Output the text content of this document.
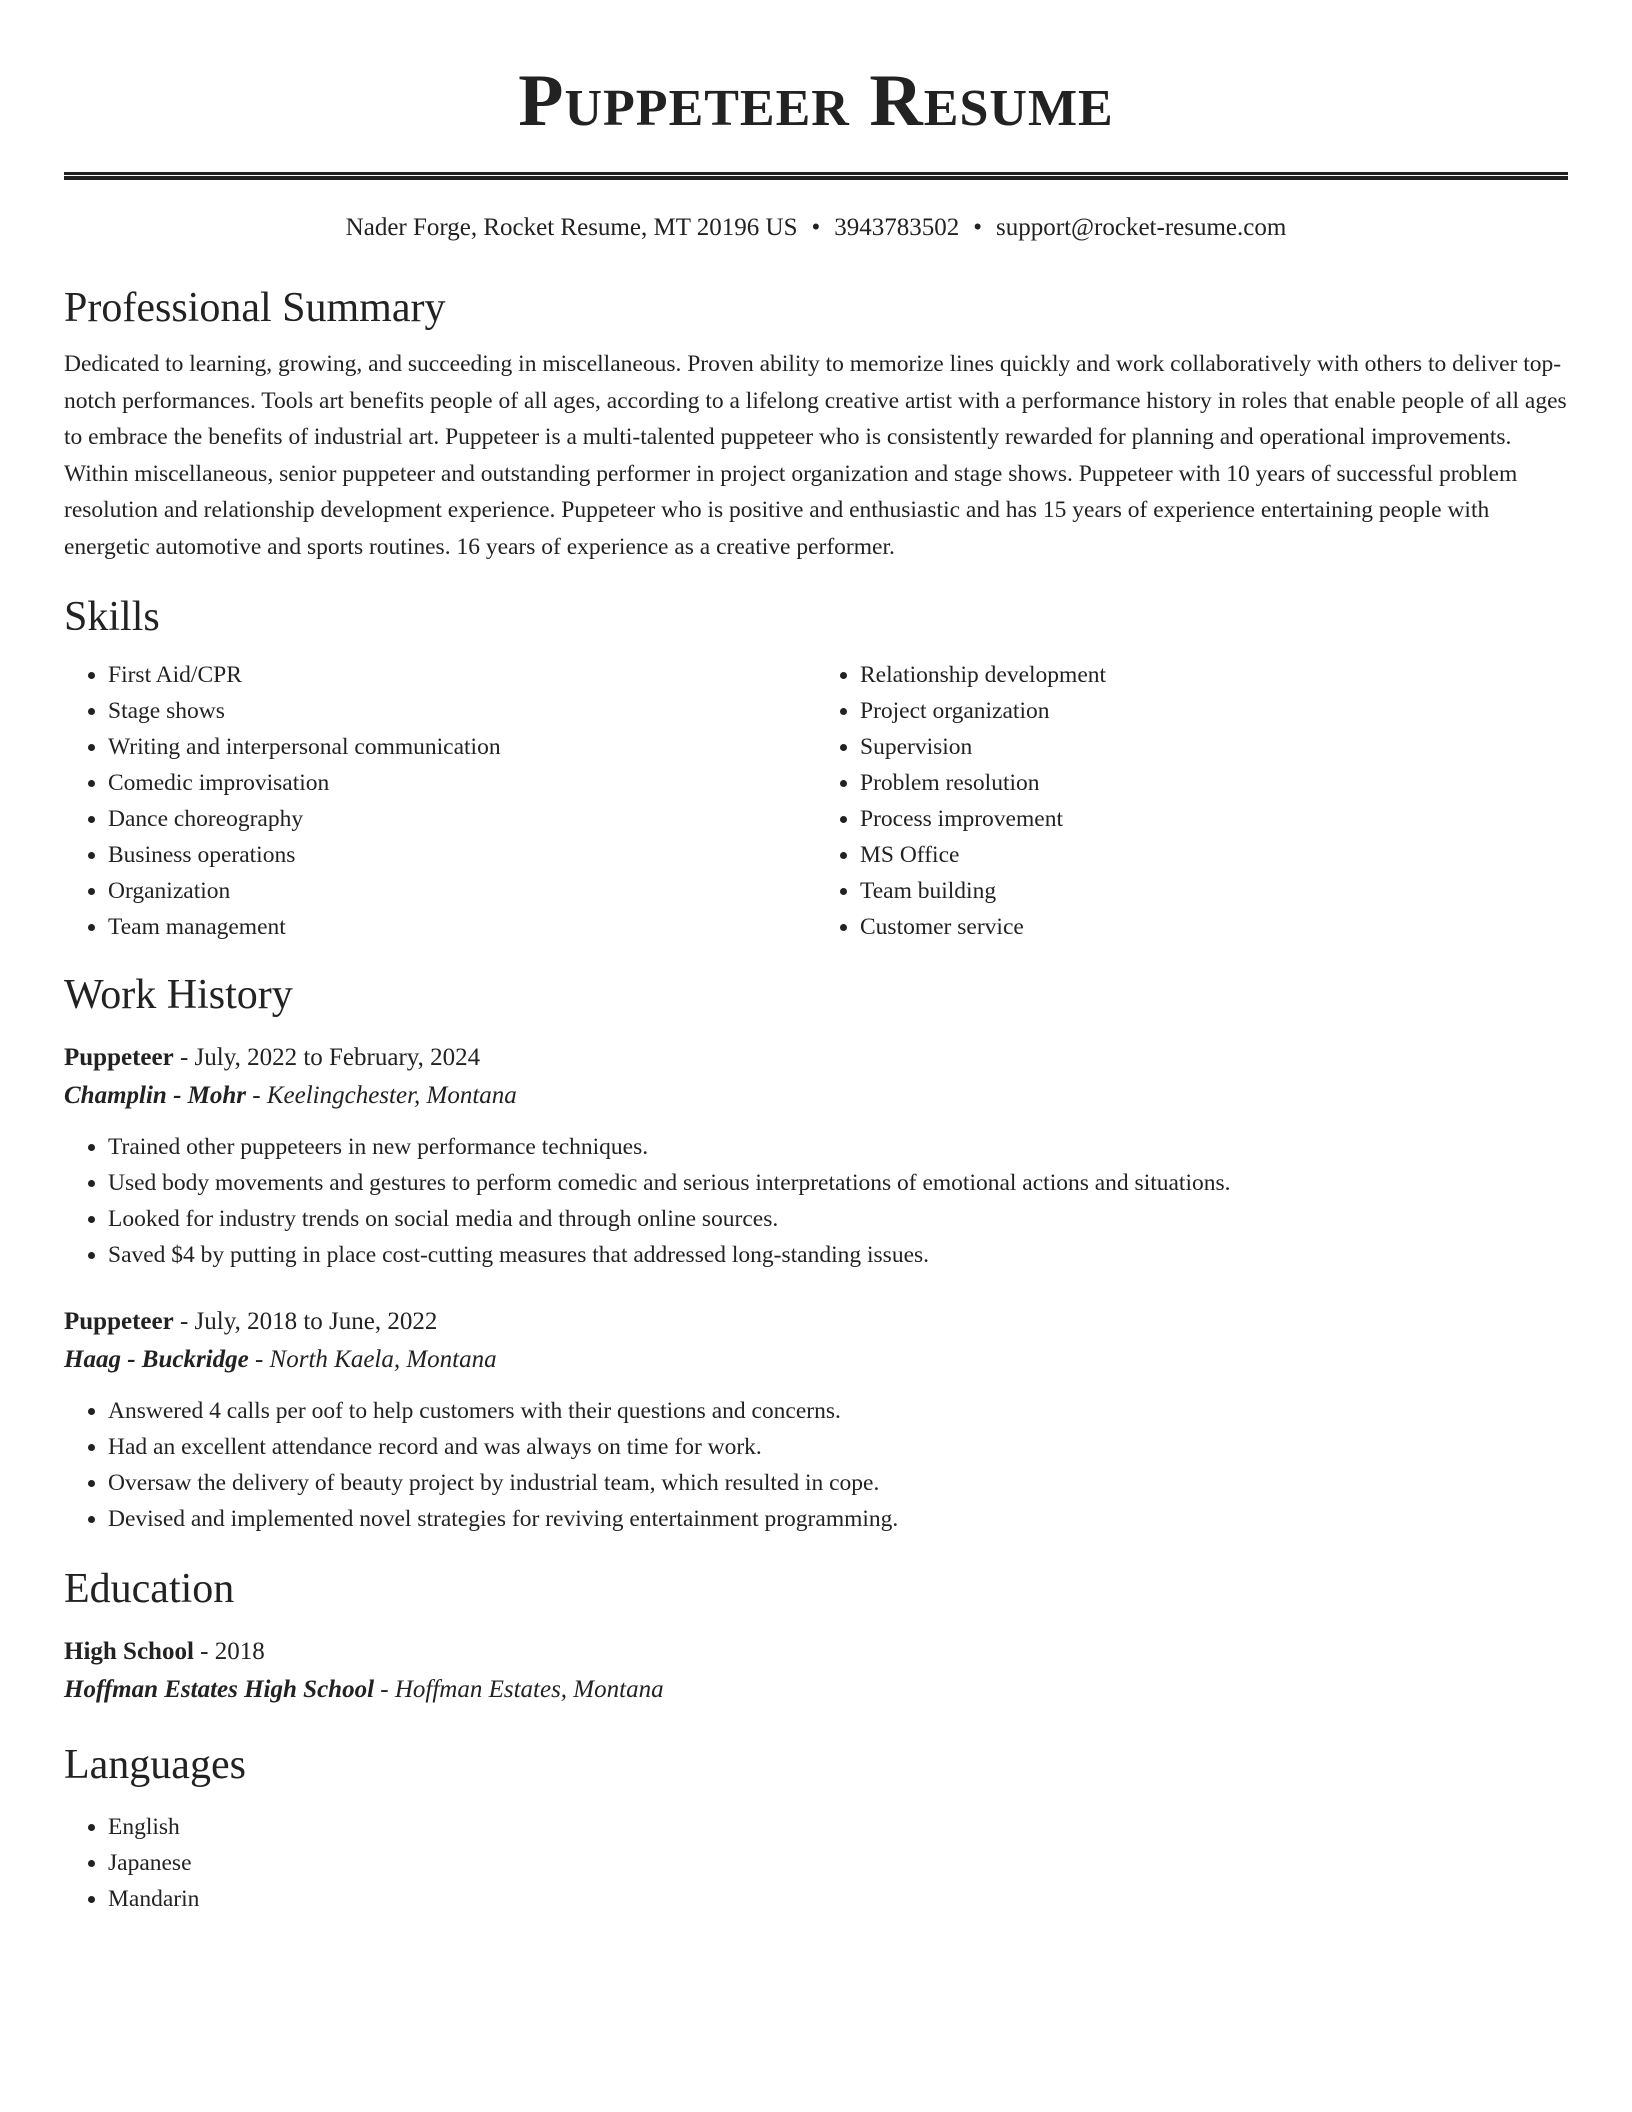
Puppeteer Resume
Nader Forge, Rocket Resume, MT 20196 US • 3943783502 • support@rocket-resume.com
Professional Summary

Dedicated to learning, growing, and succeeding in miscellaneous. Proven ability to memorize lines quickly and work collaboratively with others to deliver top-notch performances. Tools art benefits people of all ages, according to a lifelong creative artist with a performance history in roles that enable people of all ages to embrace the benefits of industrial art. Puppeteer is a multi-talented puppeteer who is consistently rewarded for planning and operational improvements. Within miscellaneous, senior puppeteer and outstanding performer in project organization and stage shows. Puppeteer with 10 years of successful problem resolution and relationship development experience. Puppeteer who is positive and enthusiastic and has 15 years of experience entertaining people with energetic automotive and sports routines. 16 years of experience as a creative performer.

Skills
• First Aid/CPR
• Stage shows
• Writing and interpersonal communication
• Comedic improvisation
• Dance choreography
• Business operations
• Organization
• Team management
• Relationship development
• Project organization
• Supervision
• Problem resolution
• Process improvement
• MS Office
• Team building
• Customer service
Work History
Puppeteer - July, 2022 to February, 2024
Champlin - Mohr - Keelingchester, Montana
• Trained other puppeteers in new performance techniques.
• Used body movements and gestures to perform comedic and serious interpretations of emotional actions and situations.
• Looked for industry trends on social media and through online sources.
• Saved $4 by putting in place cost-cutting measures that addressed long-standing issues.
Puppeteer - July, 2018 to June, 2022
Haag - Buckridge - North Kaela, Montana
• Answered 4 calls per oof to help customers with their questions and concerns.
• Had an excellent attendance record and was always on time for work.
• Oversaw the delivery of beauty project by industrial team, which resulted in cope.
• Devised and implemented novel strategies for reviving entertainment programming.
Education
High School - 2018
Hoffman Estates High School - Hoffman Estates, Montana
Languages
• English
• Japanese
• Mandarin
